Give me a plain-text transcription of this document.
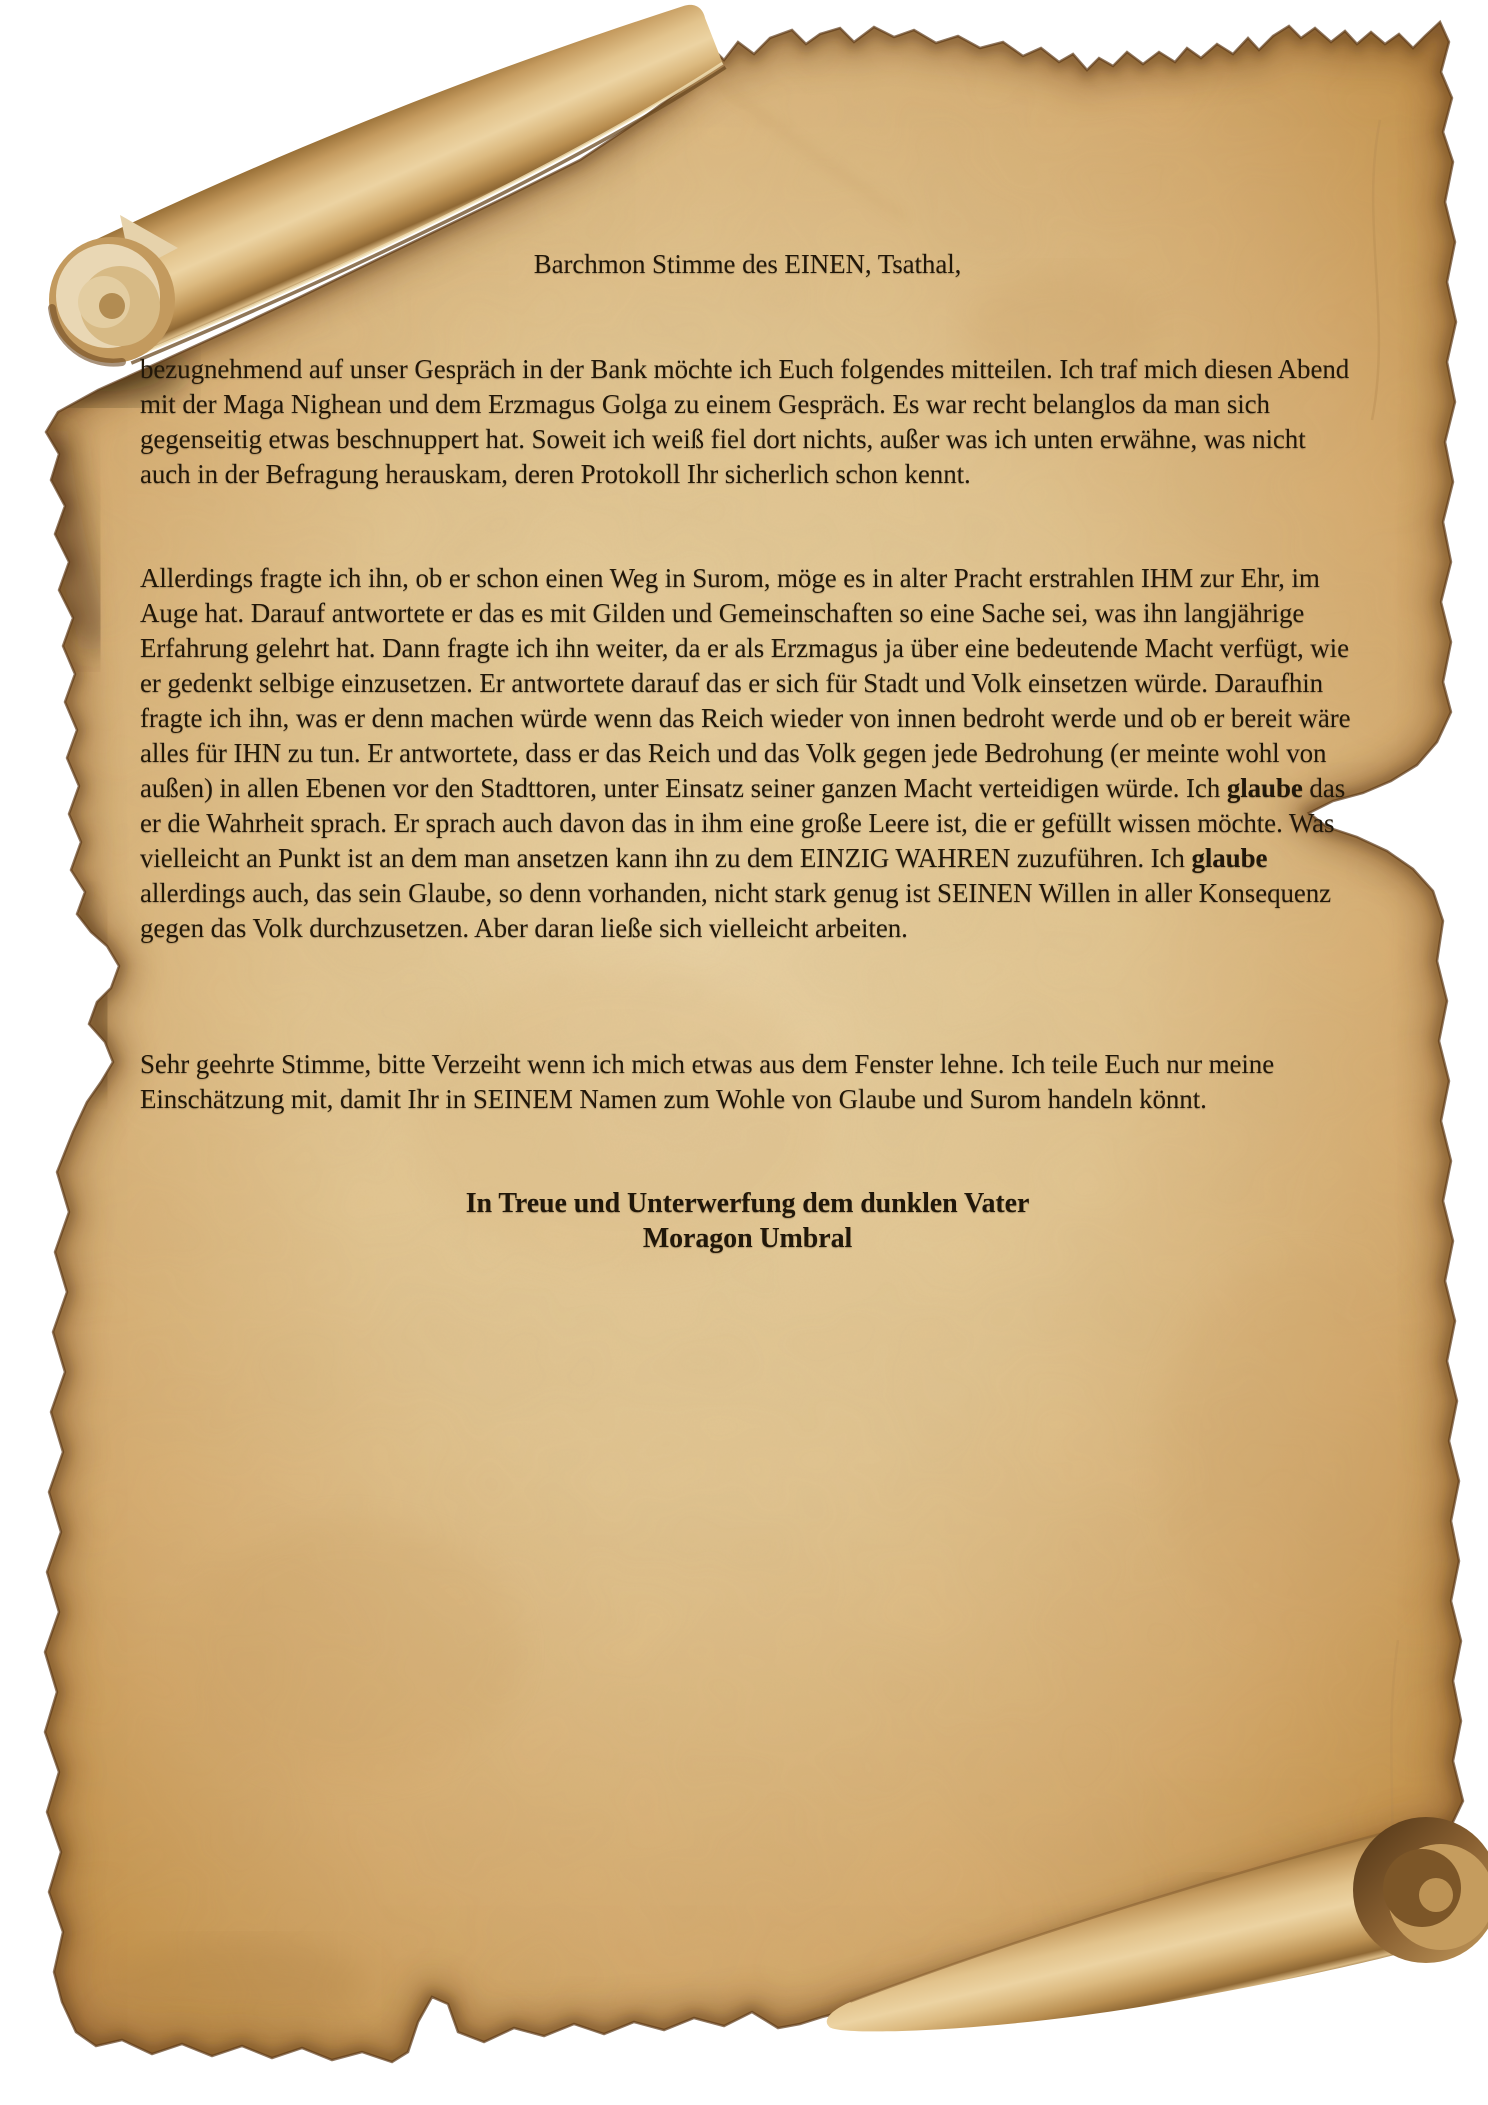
Barchmon Stimme des EINEN, Tsathal,

bezugnehmend auf unser Gespräch in der Bank möchte ich Euch folgendes mitteilen. Ich traf mich diesen Abend mit der Maga Nighean und dem Erzmagus Golga zu einem Gespräch. Es war recht belanglos da man sich gegenseitig etwas beschnuppert hat. Soweit ich weiß fiel dort nichts, außer was ich unten erwähne, was nicht auch in der Befragung herauskam, deren Protokoll Ihr sicherlich schon kennt.

Allerdings fragte ich ihn, ob er schon einen Weg in Surom, möge es in alter Pracht erstrahlen IHM zur Ehr, im Auge hat. Darauf antwortete er das es mit Gilden und Gemeinschaften so eine Sache sei, was ihn langjährige Erfahrung gelehrt hat. Dann fragte ich ihn weiter, da er als Erzmagus ja über eine bedeutende Macht verfügt, wie er gedenkt selbige einzusetzen. Er antwortete darauf das er sich für Stadt und Volk einsetzen würde. Daraufhin fragte ich ihn, was er denn machen würde wenn das Reich wieder von innen bedroht werde und ob er bereit wäre alles für IHN zu tun. Er antwortete, dass er das Reich und das Volk gegen jede Bedrohung (er meinte wohl von außen) in allen Ebenen vor den Stadttoren, unter Einsatz seiner ganzen Macht verteidigen würde. Ich glaube das er die Wahrheit sprach. Er sprach auch davon das in ihm eine große Leere ist, die er gefüllt wissen möchte. Was vielleicht an Punkt ist an dem man ansetzen kann ihn zu dem EINZIG WAHREN zuzuführen. Ich glaube allerdings auch, das sein Glaube, so denn vorhanden, nicht stark genug ist SEINEN Willen in aller Konsequenz gegen das Volk durchzusetzen. Aber daran ließe sich vielleicht arbeiten.

Sehr geehrte Stimme, bitte Verzeiht wenn ich mich etwas aus dem Fenster lehne. Ich teile Euch nur meine Einschätzung mit, damit Ihr in SEINEM Namen zum Wohle von Glaube und Surom handeln könnt.

In Treue und Unterwerfung dem dunklen Vater
Moragon Umbral
